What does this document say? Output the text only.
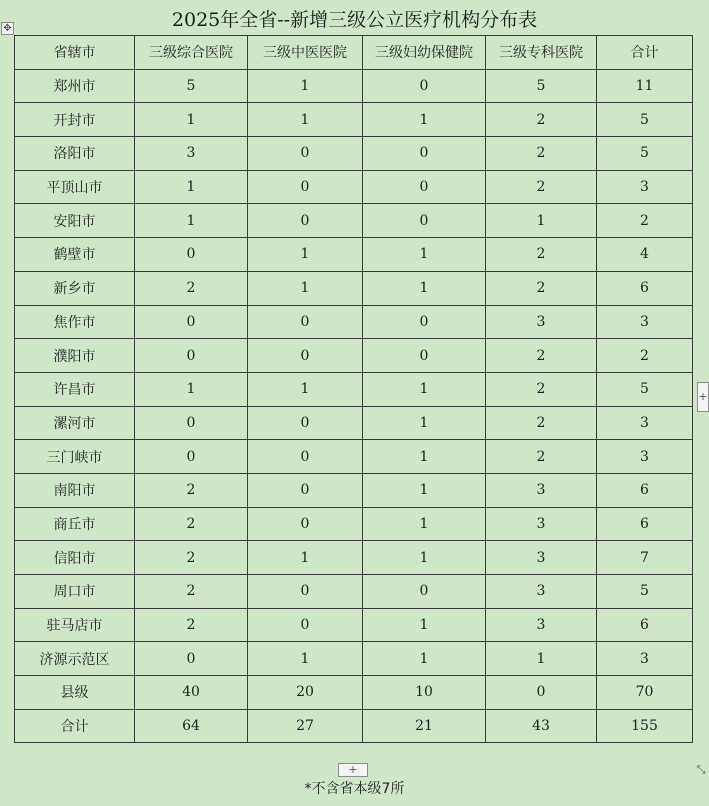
2025年全省--新增三级公立医疗机构分布表
✥
省辖市	三级综合医院	三级中医医院	三级妇幼保健院	三级专科医院	合计
郑州市	5	1	0	5	11
开封市	1	1	1	2	5
洛阳市	3	0	0	2	5
平顶山市	1	0	0	2	3
安阳市	1	0	0	1	2
鹤壁市	0	1	1	2	4
新乡市	2	1	1	2	6
焦作市	0	0	0	3	3
濮阳市	0	0	0	2	2
许昌市	1	1	1	2	5
漯河市	0	0	1	2	3
三门峡市	0	0	1	2	3
南阳市	2	0	1	3	6
商丘市	2	0	1	3	6
信阳市	2	1	1	3	7
周口市	2	0	0	3	5
驻马店市	2	0	1	3	6
济源示范区	0	1	1	1	3
县级	40	20	10	0	70
合计	64	27	21	43	155
+
+	⤡
*不含省本级7所
